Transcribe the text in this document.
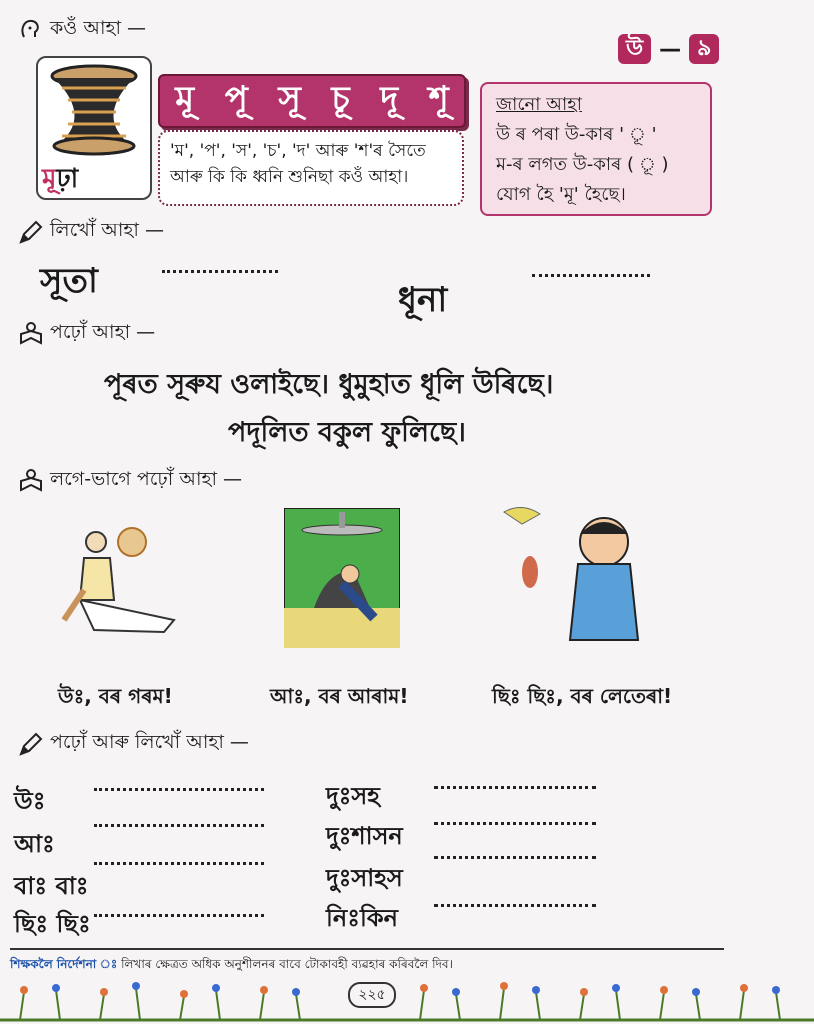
কওঁ আহা —
উ — ৯
মূঢ়া
মূ পূ সূ চূ দূ শূ
'ম', 'প', 'স', 'চ', 'দ' আৰু 'শ'ৰ সৈতে আৰু কি কি ধ্বনি শুনিছা কওঁ আহা।
জানো আহা
উ ৰ পৰা উ-কাৰ ' ূ '
ম-ৰ লগত উ-কাৰ ( ূ )
যোগ হৈ 'মূ' হৈছে।
লিখোঁ আহা —
সূতা	ধূনা
পঢ়োঁ আহা —
পূৰত সূৰুয ওলাইছে। ধুমুহাত ধূলি উৰিছে।
পদূলিত বকুল ফুলিছে।
লগে-ভাগে পঢ়োঁ আহা —
উঃ, বৰ গৰম!	আঃ, বৰ আৰাম!	ছিঃ ছিঃ, বৰ লেতেৰা!
পঢ়োঁ আৰু লিখোঁ আহা —
উঃ
আঃ
বাঃ বাঃ
ছিঃ ছিঃ
দুঃসহ
দুঃশাসন
দুঃসাহস
নিঃকিন
শিক্ষকলৈ নির্দেশনা ঃ লিখাৰ ক্ষেত্ৰত অধিক অনুশীলনৰ বাবে টোকাবহী ব্যৱহাৰ কৰিবলৈ দিব।
২২৫
